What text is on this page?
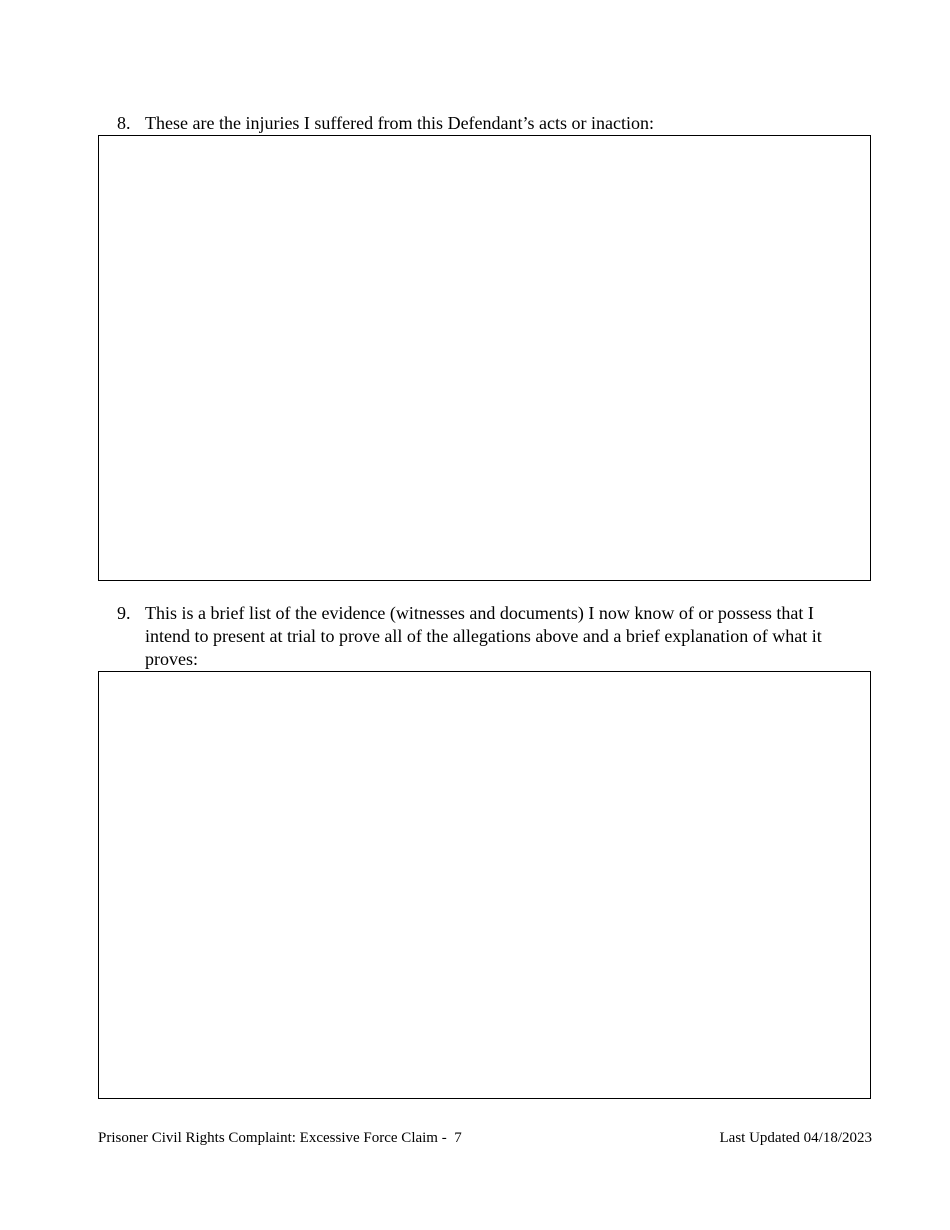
8. These are the injuries I suffered from this Defendant’s acts or inaction:
9. This is a brief list of the evidence (witnesses and documents) I now know of or possess that I intend to present at trial to prove all of the allegations above and a brief explanation of what it proves:
Prisoner Civil Rights Complaint: Excessive Force Claim -  7	Last Updated 04/18/2023
